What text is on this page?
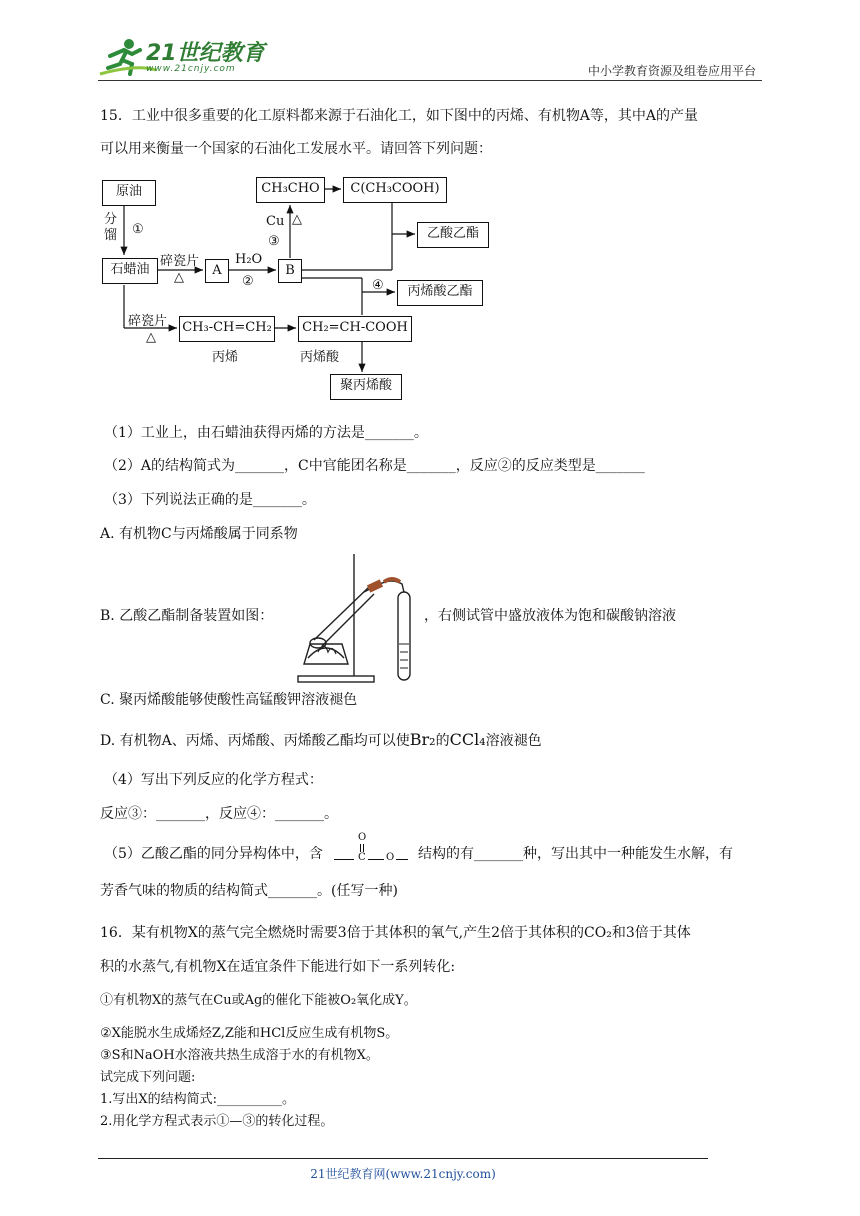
21世纪教育
www.21cnjy.com	中小学教育资源及组卷应用平台
15．工业中很多重要的化工原料都来源于石油化工，如下图中的丙烯、有机物A等，其中A的产量
可以用来衡量一个国家的石油化工发展水平。请回答下列问题：
原油
分馏 ①
石蜡油
碎瓷片
△	A
H₂O
②
B
Cu △
③
CH₃CHO	C(CH₃COOH)
乙酸乙酯
④	丙烯酸乙酯
碎瓷片
△
CH₃-CH=CH₂
丙烯
CH₂=CH-COOH
丙烯酸
聚丙烯酸
（1）工业上，由石蜡油获得丙烯的方法是_______。
（2）A的结构简式为_______，C中官能团名称是_______，反应②的反应类型是_______
（3）下列说法正确的是_______。
A. 有机物C与丙烯酸属于同系物
B. 乙酸乙酯制备装置如图：	，右侧试管中盛放液体为饱和碳酸钠溶液
C. 聚丙烯酸能够使酸性高锰酸钾溶液褪色
D. 有机物A、丙烯、丙烯酸、丙烯酸乙酯均可以使Br₂的CCl₄溶液褪色
（4）写出下列反应的化学方程式：
反应③：_______，反应④：_______。
（5）乙酸乙酯的同分异构体中，含
O
C O 结构的有_______种，写出其中一种能发生水解，有
芳香气味的物质的结构简式_______。(任写一种)
16．某有机物X的蒸气完全燃烧时需要3倍于其体积的氧气,产生2倍于其体积的CO₂和3倍于其体
积的水蒸气,有机物X在适宜条件下能进行如下一系列转化:
①有机物X的蒸气在Cu或Ag的催化下能被O₂氧化成Y。
②X能脱水生成烯烃Z,Z能和HCl反应生成有机物S。
③S和NaOH水溶液共热生成溶于水的有机物X。
试完成下列问题:
1.写出X的结构简式:__________。
2.用化学方程式表示①—③的转化过程。
21世纪教育网(www.21cnjy.com)
